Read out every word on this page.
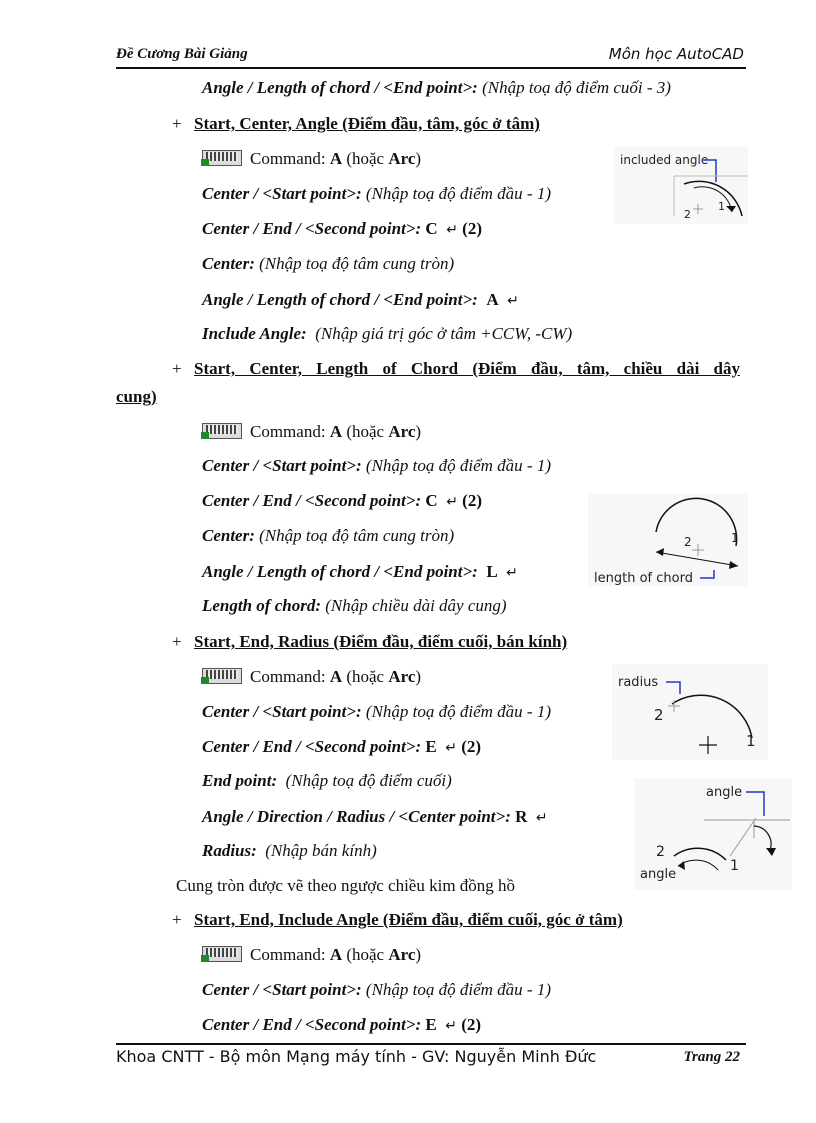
Đề Cương Bài Giảng	Môn học AutoCAD
Angle / Length of chord / <End point>: (Nhập toạ độ điểm cuối - 3)
+ Start, Center, Angle (Điểm đầu, tâm, góc ở tâm)
Command: A (hoặc Arc)
Center / <Start point>: (Nhập toạ độ điểm đầu - 1)
Center / End / <Second point>: C ↵ (2)
Center: (Nhập toạ độ tâm cung tròn)
Angle / Length of chord / <End point>: A ↵
Include Angle: (Nhập giá trị góc ở tâm +CCW, -CW)
included angle
2
1
+ Start, Center, Length of Chord (Điểm đầu, tâm, chiều dài dây
cung)
Command: A (hoặc Arc)
Center / <Start point>: (Nhập toạ độ điểm đầu - 1)
Center / End / <Second point>: C ↵ (2)
Center: (Nhập toạ độ tâm cung tròn)
Angle / Length of chord / <End point>: L ↵
Length of chord: (Nhập chiều dài dây cung)
2	1
length of chord
+ Start, End, Radius (Điểm đầu, điểm cuối, bán kính)
Command: A (hoặc Arc)
Center / <Start point>: (Nhập toạ độ điểm đầu - 1)
Center / End / <Second point>: E ↵ (2)
End point: (Nhập toạ độ điểm cuối)
Angle / Direction / Radius / <Center point>: R ↵
Radius: (Nhập bán kính)
Cung tròn được vẽ theo ngược chiều kim đồng hồ
radius
2
1
angle
2
1
angle
+ Start, End, Include Angle (Điểm đầu, điểm cuối, góc ở tâm)
Command: A (hoặc Arc)
Center / <Start point>: (Nhập toạ độ điểm đầu - 1)
Center / End / <Second point>: E ↵ (2)
Khoa CNTT - Bộ môn Mạng máy tính - GV: Nguyễn Minh Đức	Trang 22
